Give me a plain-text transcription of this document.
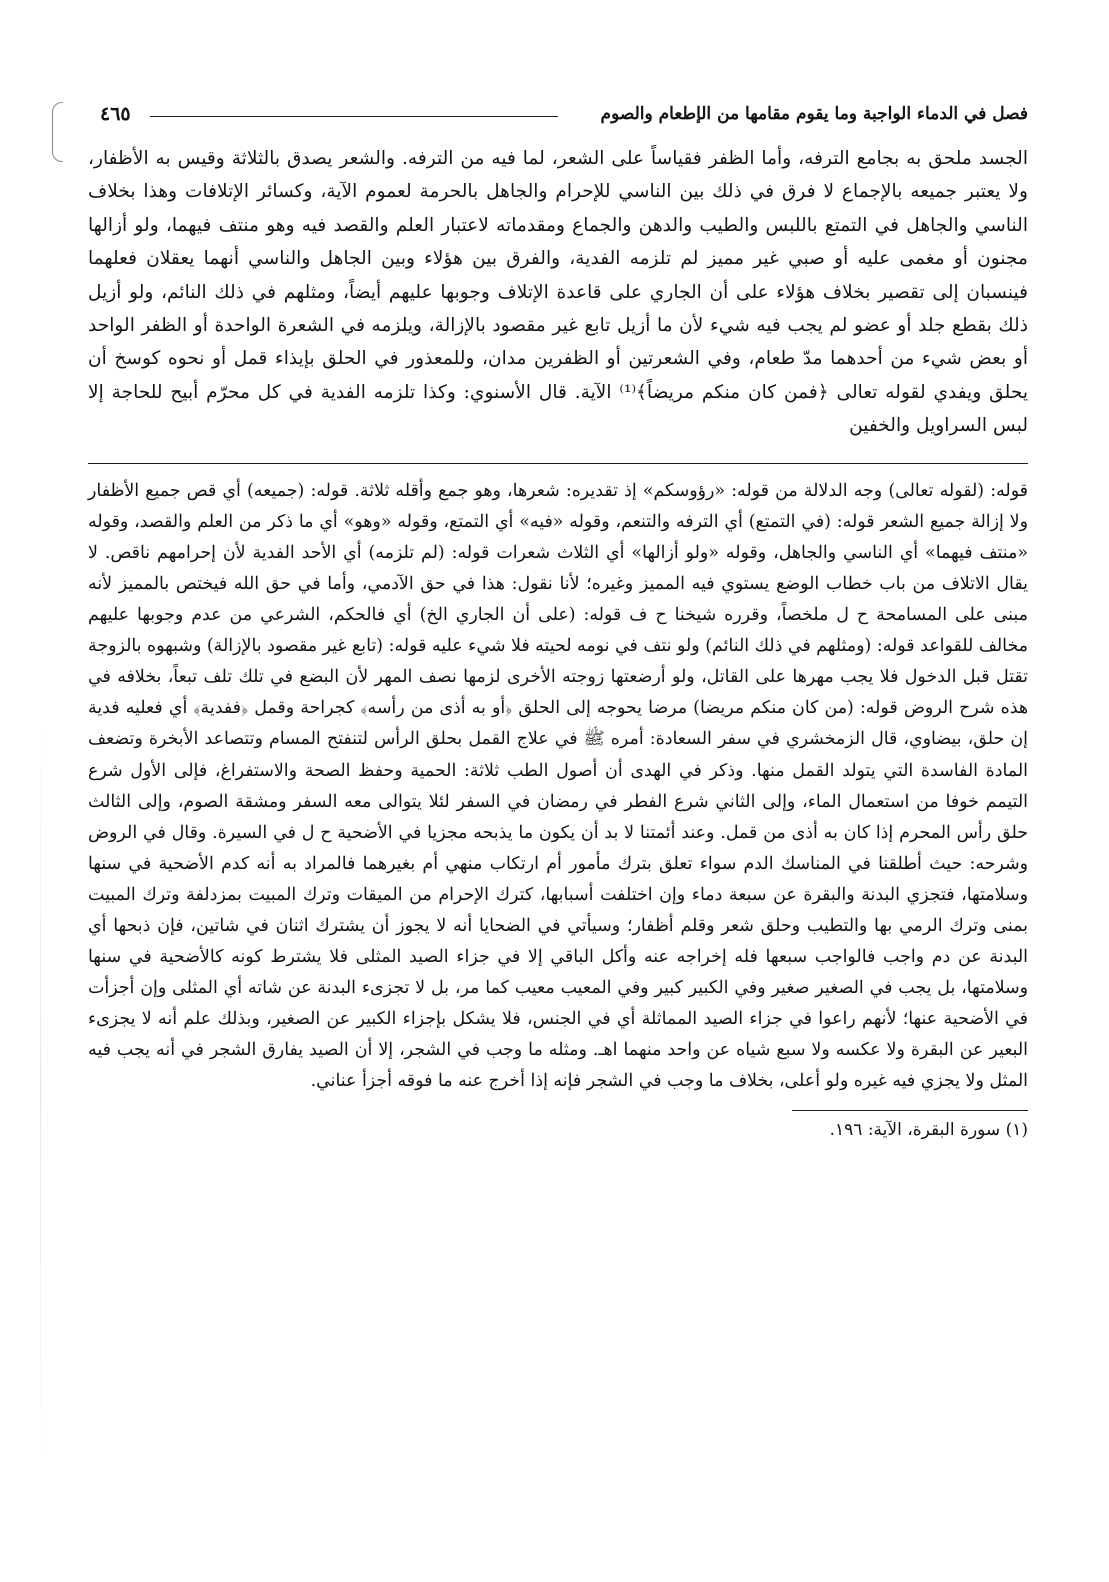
فصل في الدماء الواجبة وما يقوم مقامها من الإطعام والصوم
٤٦٥
الجسد ملحق به بجامع الترفه، وأما الظفر فقياساً على الشعر، لما فيه من الترفه. والشعر يصدق بالثلاثة وقيس به الأظفار، ولا يعتبر جميعه بالإجماع لا فرق في ذلك بين الناسي للإحرام والجاهل بالحرمة لعموم الآية، وكسائر الإتلافات وهذا بخلاف الناسي والجاهل في التمتع باللبس والطيب والدهن والجماع ومقدماته لاعتبار العلم والقصد فيه وهو منتف فيهما، ولو أزالها مجنون أو مغمى عليه أو صبي غير مميز لم تلزمه الفدية، والفرق بين هؤلاء وبين الجاهل والناسي أنهما يعقلان فعلهما فينسبان إلى تقصير بخلاف هؤلاء على أن الجاري على قاعدة الإتلاف وجوبها عليهم أيضاً، ومثلهم في ذلك النائم، ولو أزيل ذلك بقطع جلد أو عضو لم يجب فيه شيء لأن ما أزيل تابع غير مقصود بالإزالة، ويلزمه في الشعرة الواحدة أو الظفر الواحد أو بعض شيء من أحدهما مدّ طعام، وفي الشعرتين أو الظفرين مدان، وللمعذور في الحلق بإيذاء قمل أو نحوه كوسخ أن يحلق ويفدي لقوله تعالى ﴿فمن كان منكم مريضاً﴾⁽¹⁾ الآية. قال الأسنوي: وكذا تلزمه الفدية في كل محرّم أبيح للحاجة إلا لبس السراويل والخفين

قوله: (لقوله تعالى) وجه الدلالة من قوله: «رؤوسكم» إذ تقديره: شعرها، وهو جمع وأقله ثلاثة. قوله: (جميعه) أي قص جميع الأظفار ولا إزالة جميع الشعر قوله: (في التمتع) أي الترفه والتنعم، وقوله «فيه» أي التمتع، وقوله «وهو» أي ما ذكر من العلم والقصد، وقوله «منتف فيهما» أي الناسي والجاهل، وقوله «ولو أزالها» أي الثلاث شعرات قوله: (لم تلزمه) أي الأحد الفدية لأن إحرامهم ناقص. لا يقال الاتلاف من باب خطاب الوضع يستوي فيه المميز وغيره؛ لأنا نقول: هذا في حق الآدمي، وأما في حق الله فيختص بالمميز لأنه مبنى على المسامحة ح ل ملخصاً، وقرره شيخنا ح ف قوله: (على أن الجاري الخ) أي فالحكم، الشرعي من عدم وجوبها عليهم مخالف للقواعد قوله: (ومثلهم في ذلك النائم) ولو نتف في نومه لحيته فلا شيء عليه قوله: (تابع غير مقصود بالإزالة) وشبهوه بالزوجة تقتل قبل الدخول فلا يجب مهرها على القاتل، ولو أرضعتها زوجته الأخرى لزمها نصف المهر لأن البضع في تلك تلف تبعاً، بخلافه في هذه شرح الروض قوله: (من كان منكم مريضا) مرضا يحوجه إلى الحلق ﴿أو به أذى من رأسه﴾ كجراحة وقمل ﴿ففدية﴾ أي فعليه فدية إن حلق، بيضاوي، قال الزمخشري في سفر السعادة: أمره ﷺ في علاج القمل بحلق الرأس لتنفتح المسام وتتصاعد الأبخرة وتضعف المادة الفاسدة التي يتولد القمل منها. وذكر في الهدى أن أصول الطب ثلاثة: الحمية وحفظ الصحة والاستفراغ، فإلى الأول شرع التيمم خوفا من استعمال الماء، وإلى الثاني شرع الفطر في رمضان في السفر لئلا يتوالى معه السفر ومشقة الصوم، وإلى الثالث حلق رأس المحرم إذا كان به أذى من قمل. وعند أئمتنا لا بد أن يكون ما يذبحه مجزيا في الأضحية ح ل في السيرة. وقال في الروض وشرحه: حيث أطلقنا في المناسك الدم سواء تعلق بترك مأمور أم ارتكاب منهي أم بغيرهما فالمراد به أنه كدم الأضحية في سنها وسلامتها، فتجزي البدنة والبقرة عن سبعة دماء وإن اختلفت أسبابها، كترك الإحرام من الميقات وترك المبيت بمزدلفة وترك المبيت بمنى وترك الرمي بها والتطيب وحلق شعر وقلم أظفار؛ وسيأتي في الضحايا أنه لا يجوز أن يشترك اثنان في شاتين، فإن ذبحها أي البدنة عن دم واجب فالواجب سبعها فله إخراجه عنه وأكل الباقي إلا في جزاء الصيد المثلى فلا يشترط كونه كالأضحية في سنها وسلامتها، بل يجب في الصغير صغير وفي الكبير كبير وفي المعيب معيب كما مر، بل لا تجزىء البدنة عن شاته أي المثلى وإن أجزأت في الأضحية عنها؛ لأنهم راعوا في جزاء الصيد المماثلة أي في الجنس، فلا يشكل بإجزاء الكبير عن الصغير، وبذلك علم أنه لا يجزىء البعير عن البقرة ولا عكسه ولا سبع شياه عن واحد منهما اهـ. ومثله ما وجب في الشجر، إلا أن الصيد يفارق الشجر في أنه يجب فيه المثل ولا يجزي فيه غيره ولو أعلى، بخلاف ما وجب في الشجر فإنه إذا أخرج عنه ما فوقه أجزأ عناني.

(١) سورة البقرة، الآية: ١٩٦.
